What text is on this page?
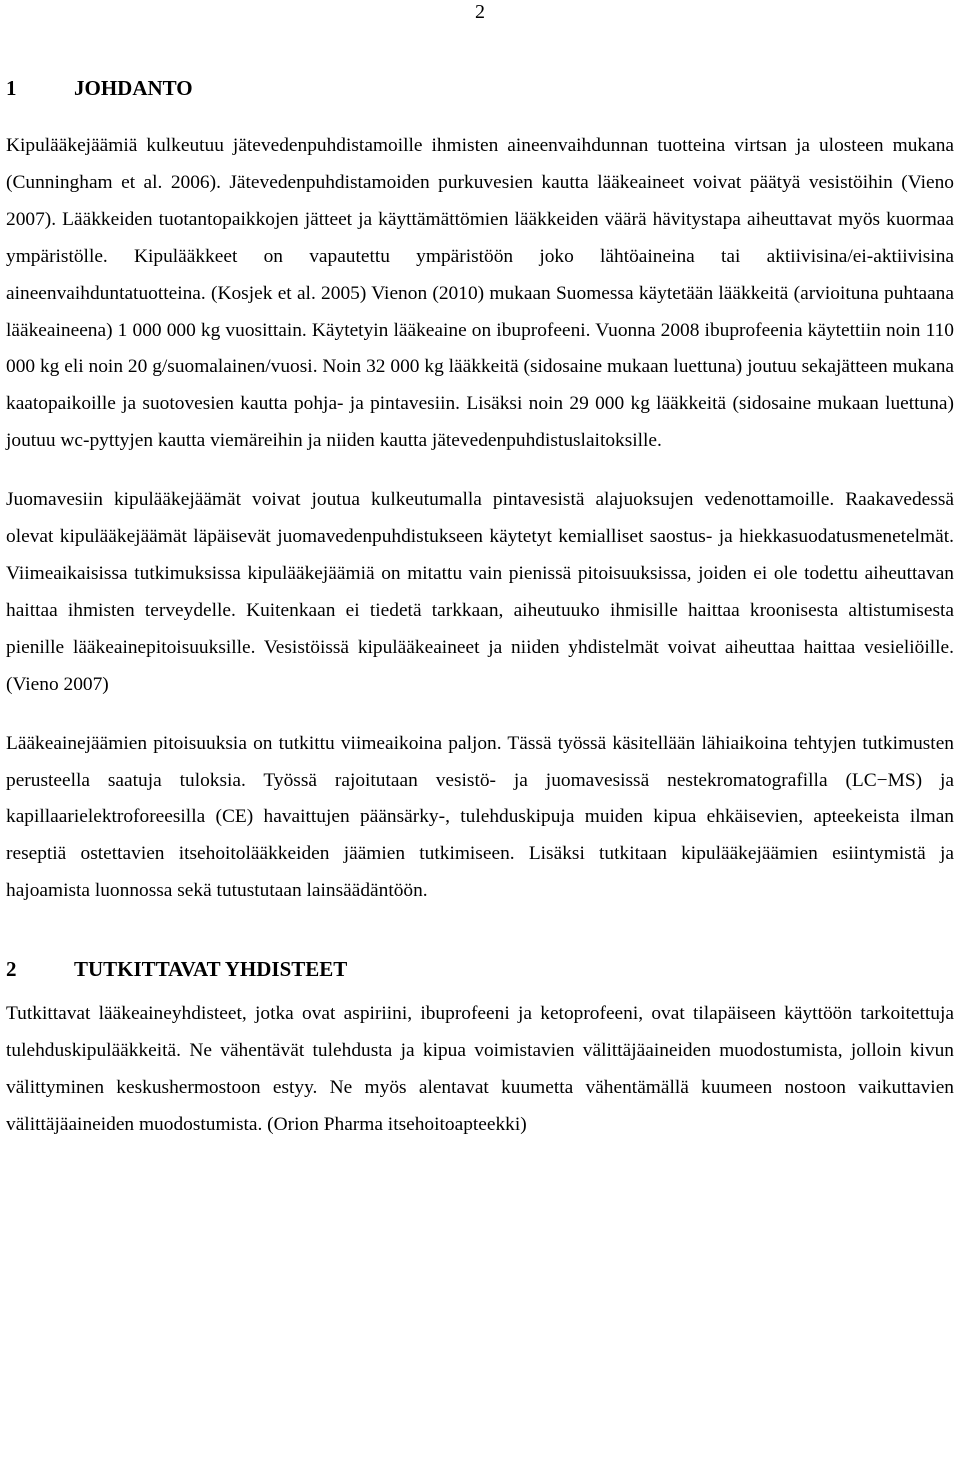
2
1	JOHDANTO

Kipulääkejäämiä kulkeutuu jätevedenpuhdistamoille ihmisten aineenvaihdunnan tuotteina virtsan ja ulosteen mukana (Cunningham et al. 2006). Jätevedenpuhdistamoiden purkuvesien kautta lääkeaineet voivat päätyä vesistöihin (Vieno 2007). Lääkkeiden tuotantopaikkojen jätteet ja käyttämättömien lääkkeiden väärä hävitystapa aiheuttavat myös kuormaa ympäristölle. Kipulääkkeet on vapautettu ympäristöön joko lähtöaineina tai aktiivisina/ei-aktiivisina aineenvaihduntatuotteina. (Kosjek et al. 2005) Vienon (2010) mukaan Suomessa käytetään lääkkeitä (arvioituna puhtaana lääkeaineena) 1 000 000 kg vuosittain. Käytetyin lääkeaine on ibuprofeeni. Vuonna 2008 ibuprofeenia käytettiin noin 110 000 kg eli noin 20 g/suomalainen/vuosi. Noin 32 000 kg lääkkeitä (sidosaine mukaan luettuna) joutuu sekajätteen mukana kaatopaikoille ja suotovesien kautta pohja- ja pintavesiin. Lisäksi noin 29 000 kg lääkkeitä (sidosaine mukaan luettuna) joutuu wc-pyttyjen kautta viemäreihin ja niiden kautta jätevedenpuhdistuslaitoksille.

Juomavesiin kipulääkejäämät voivat joutua kulkeutumalla pintavesistä alajuoksujen vedenottamoille. Raakavedessä olevat kipulääkejäämät läpäisevät juomavedenpuhdistukseen käytetyt kemialliset saostus- ja hiekkasuodatusmenetelmät. Viimeaikaisissa tutkimuksissa kipulääkejäämiä on mitattu vain pienissä pitoisuuksissa, joiden ei ole todettu aiheuttavan haittaa ihmisten terveydelle. Kuitenkaan ei tiedetä tarkkaan, aiheutuuko ihmisille haittaa kroonisesta altistumisesta pienille lääkeainepitoisuuksille. Vesistöissä kipulääkeaineet ja niiden yhdistelmät voivat aiheuttaa haittaa vesieliöille. (Vieno 2007)

Lääkeainejäämien pitoisuuksia on tutkittu viimeaikoina paljon. Tässä työssä käsitellään lähiaikoina tehtyjen tutkimusten perusteella saatuja tuloksia. Työssä rajoitutaan vesistö- ja juomavesissä nestekromatografilla (LC−MS) ja kapillaarielektroforeesilla (CE) havaittujen päänsärky-, tulehduskipuja muiden kipua ehkäisevien, apteekeista ilman reseptiä ostettavien itsehoitolääkkeiden jäämien tutkimiseen. Lisäksi tutkitaan kipulääkejäämien esiintymistä ja hajoamista luonnossa sekä tutustutaan lainsäädäntöön.

2	TUTKITTAVAT YHDISTEET

Tutkittavat lääkeaineyhdisteet, jotka ovat aspiriini, ibuprofeeni ja ketoprofeeni, ovat tilapäiseen käyttöön tarkoitettuja tulehduskipulääkkeitä. Ne vähentävät tulehdusta ja kipua voimistavien välittäjäaineiden muodostumista, jolloin kivun välittyminen keskushermostoon estyy. Ne myös alentavat kuumetta vähentämällä kuumeen nostoon vaikuttavien välittäjäaineiden muodostumista. (Orion Pharma itsehoitoapteekki)
